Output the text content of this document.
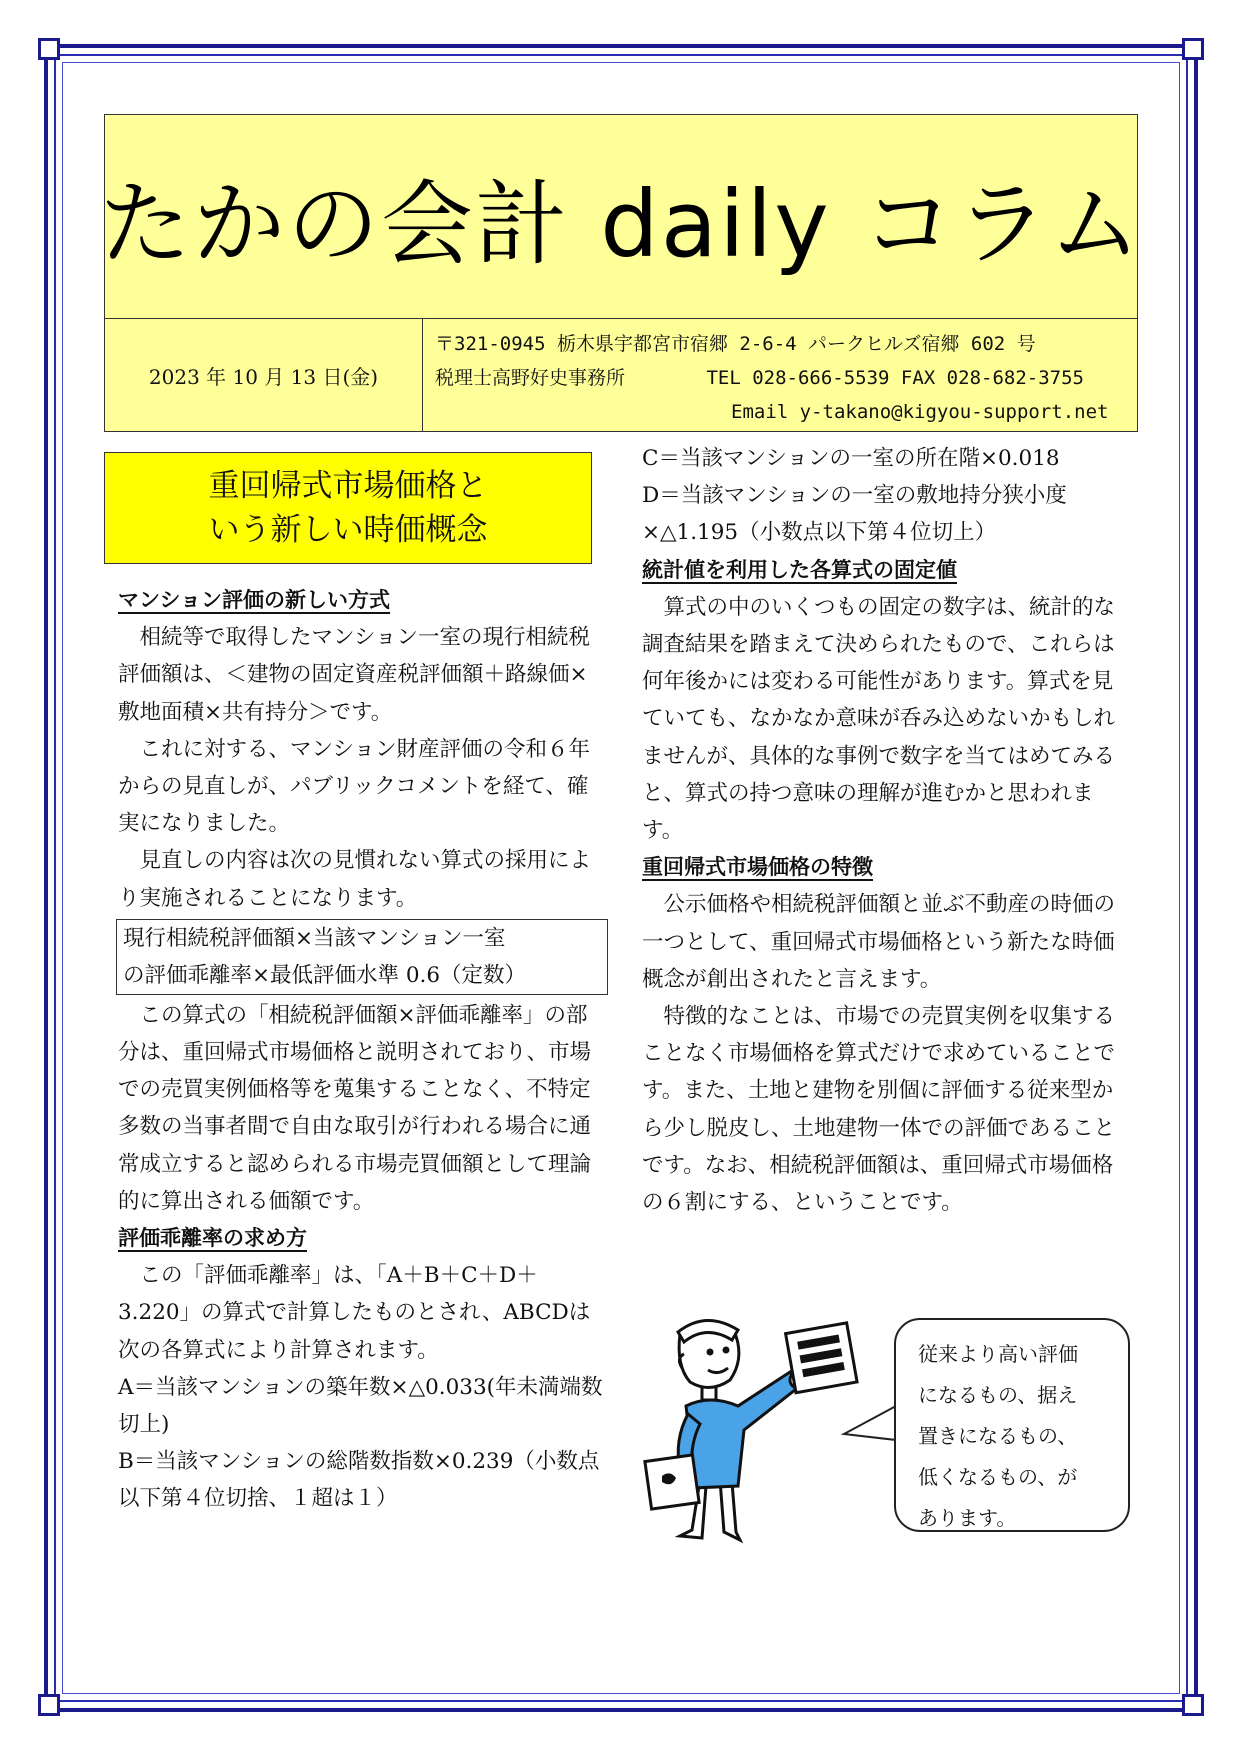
たかの会計 daily コラム
2023 年 10 月 13 日(金)
〒321-0945 栃木県宇都宮市宿郷 2-6-4 パークヒルズ宿郷 602 号
税理士高野好史事務所	TEL 028-666-5539 FAX 028-682-3755
Email y-takano@kigyou-support.net
重回帰式市場価格と
いう新しい時価概念

マンション評価の新しい方式

相続等で取得したマンション一室の現行相続税評価額は、＜建物の固定資産税評価額＋路線価×敷地面積×共有持分＞です。

これに対する、マンション財産評価の令和６年からの見直しが、パブリックコメントを経て、確実になりました。

見直しの内容は次の見慣れない算式の採用により実施されることになります。

現行相続税評価額×当該マンション一室
の評価乖離率×最低評価水準 0.6（定数）

この算式の「相続税評価額×評価乖離率」の部分は、重回帰式市場価格と説明されており、市場での売買実例価格等を蒐集することなく、不特定多数の当事者間で自由な取引が行われる場合に通常成立すると認められる市場売買価額として理論的に算出される価額です。

評価乖離率の求め方

この「評価乖離率」は、「A＋B＋C＋D＋3.220」の算式で計算したものとされ、ABCDは次の各算式により計算されます。

A＝当該マンションの築年数×△0.033(年未満端数切上)

B＝当該マンションの総階数指数×0.239（小数点以下第４位切捨、１超は１）

C＝当該マンションの一室の所在階×0.018

D＝当該マンションの一室の敷地持分狭小度×△1.195（小数点以下第４位切上）

統計値を利用した各算式の固定値

算式の中のいくつもの固定の数字は、統計的な調査結果を踏まえて決められたもので、これらは何年後かには変わる可能性があります。算式を見ていても、なかなか意味が呑み込めないかもしれませんが、具体的な事例で数字を当てはめてみると、算式の持つ意味の理解が進むかと思われます。

重回帰式市場価格の特徴

公示価格や相続税評価額と並ぶ不動産の時価の一つとして、重回帰式市場価格という新たな時価概念が創出されたと言えます。

特徴的なことは、市場での売買実例を収集することなく市場価格を算式だけで求めていることです。また、土地と建物を別個に評価する従来型から少し脱皮し、土地建物一体での評価であることです。なお、相続税評価額は、重回帰式市場価格の６割にする、ということです。

従来より高い評価
になるもの、据え
置きになるもの、
低くなるもの、が
あります。
